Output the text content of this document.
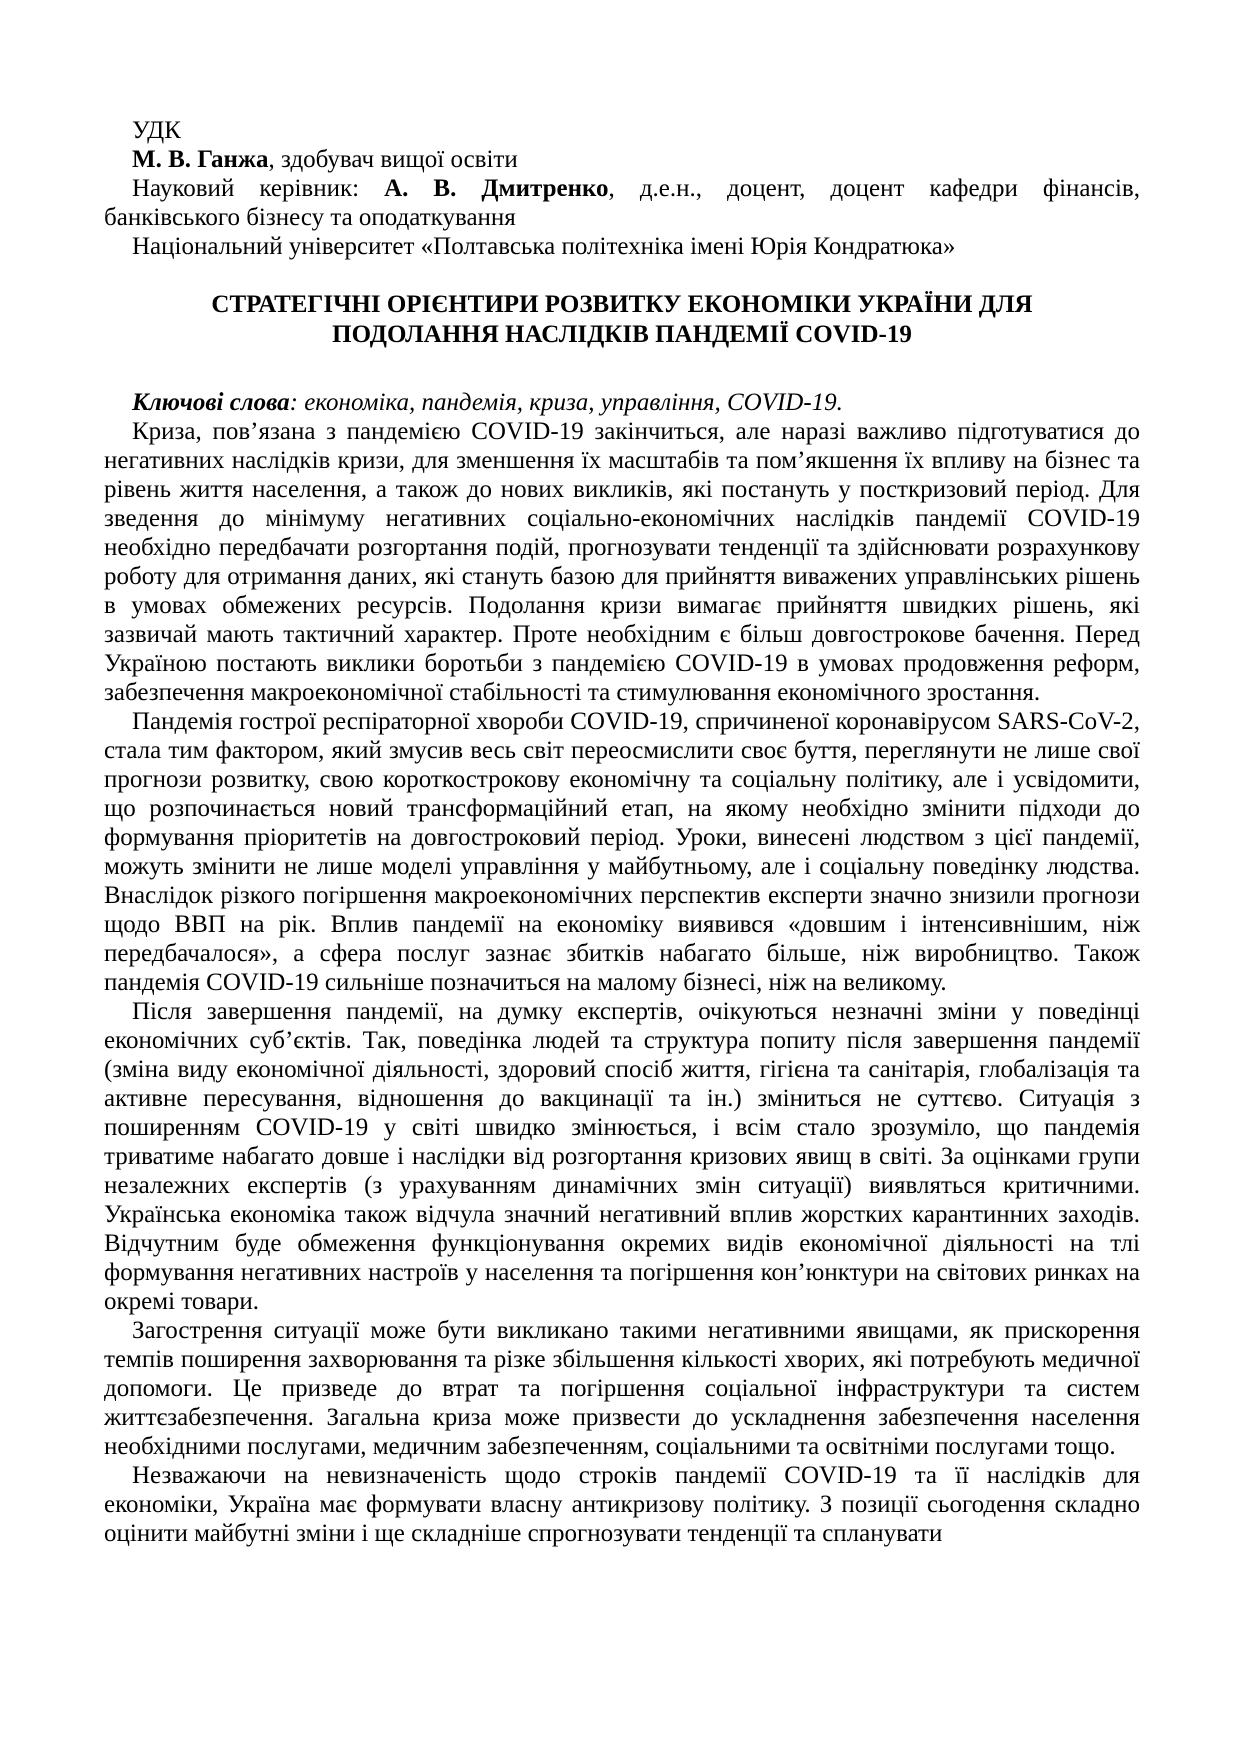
УДК

М. В. Ганжа, здобувач вищої освіти

Науковий керівник: А. В. Дмитренко, д.е.н., доцент, доцент кафедри фінансів,

банківського бізнесу та оподаткування

Національний університет «Полтавська політехніка імені Юрія Кондратюка»

СТРАТЕГІЧНІ ОРІЄНТИРИ РОЗВИТКУ ЕКОНОМІКИ УКРАЇНИ ДЛЯ
ПОДОЛАННЯ НАСЛІДКІВ ПАНДЕМІЇ COVID-19

Ключові слова: економіка, пандемія, криза, управління, COVID-19.

Криза, пов’язана з пандемією COVID-19 закінчиться, але наразі важливо підготуватися до негативних наслідків кризи, для зменшення їх масштабів та пом’якшення їх впливу на бізнес та рівень життя населення, а також до нових викликів, які постануть у посткризовий період. Для зведення до мінімуму негативних соціально-економічних наслідків пандемії COVID-19 необхідно передбачати розгортання подій, прогнозувати тенденції та здійснювати розрахункову роботу для отримання даних, які стануть базою для прийняття виважених управлінських рішень в умовах обмежених ресурсів. Подолання кризи вимагає прийняття швидких рішень, які зазвичай мають тактичний характер. Проте необхідним є більш довгострокове бачення. Перед Україною постають виклики боротьби з пандемією COVID-19 в умовах продовження реформ, забезпечення макроекономічної стабільності та стимулювання економічного зростання.

Пандемія гострої респіраторної хвороби COVID-19, спричиненої коронавірусом SARS-CoV-2, стала тим фактором, який змусив весь світ переосмислити своє буття, переглянути не лише свої прогнози розвитку, свою короткострокову економічну та соціальну політику, але і усвідомити, що розпочинається новий трансформаційний етап, на якому необхідно змінити підходи до формування пріоритетів на довгостроковий період. Уроки, винесені людством з цієї пандемії, можуть змінити не лише моделі управління у майбутньому, але і соціальну поведінку людства. Внаслідок різкого погіршення макроекономічних перспектив експерти значно знизили прогнози щодо ВВП на рік. Вплив пандемії на економіку виявився «довшим і інтенсивнішим, ніж передбачалося», а сфера послуг зазнає збитків набагато більше, ніж виробництво. Також пандемія COVID-19 сильніше позначиться на малому бізнесі, ніж на великому.

Після завершення пандемії, на думку експертів, очікуються незначні зміни у поведінці економічних суб’єктів. Так, поведінка людей та структура попиту після завершення пандемії (зміна виду економічної діяльності, здоровий спосіб життя, гігієна та санітарія, глобалізація та активне пересування, відношення до вакцинації та ін.) зміниться не суттєво. Ситуація з поширенням COVID-19 у світі швидко змінюється, і всім стало зрозуміло, що пандемія триватиме набагато довше і наслідки від розгортання кризових явищ в світі. За оцінками групи незалежних експертів (з урахуванням динамічних змін ситуації) виявляться критичними. Українська економіка також відчула значний негативний вплив жорстких карантинних заходів. Відчутним буде обмеження функціонування окремих видів економічної діяльності на тлі формування негативних настроїв у населення та погіршення кон’юнктури на світових ринках на окремі товари.

Загострення ситуації може бути викликано такими негативними явищами, як прискорення темпів поширення захворювання та різке збільшення кількості хворих, які потребують медичної допомоги. Це призведе до втрат та погіршення соціальної інфраструктури та систем життєзабезпечення. Загальна криза може призвести до ускладнення забезпечення населення необхідними послугами, медичним забезпеченням, соціальними та освітніми послугами тощо.

Незважаючи на невизначеність щодо строків пандемії COVID-19 та її наслідків для економіки, Україна має формувати власну антикризову політику. З позиції сьогодення складно оцінити майбутні зміни і ще складніше спрогнозувати тенденції та спланувати
